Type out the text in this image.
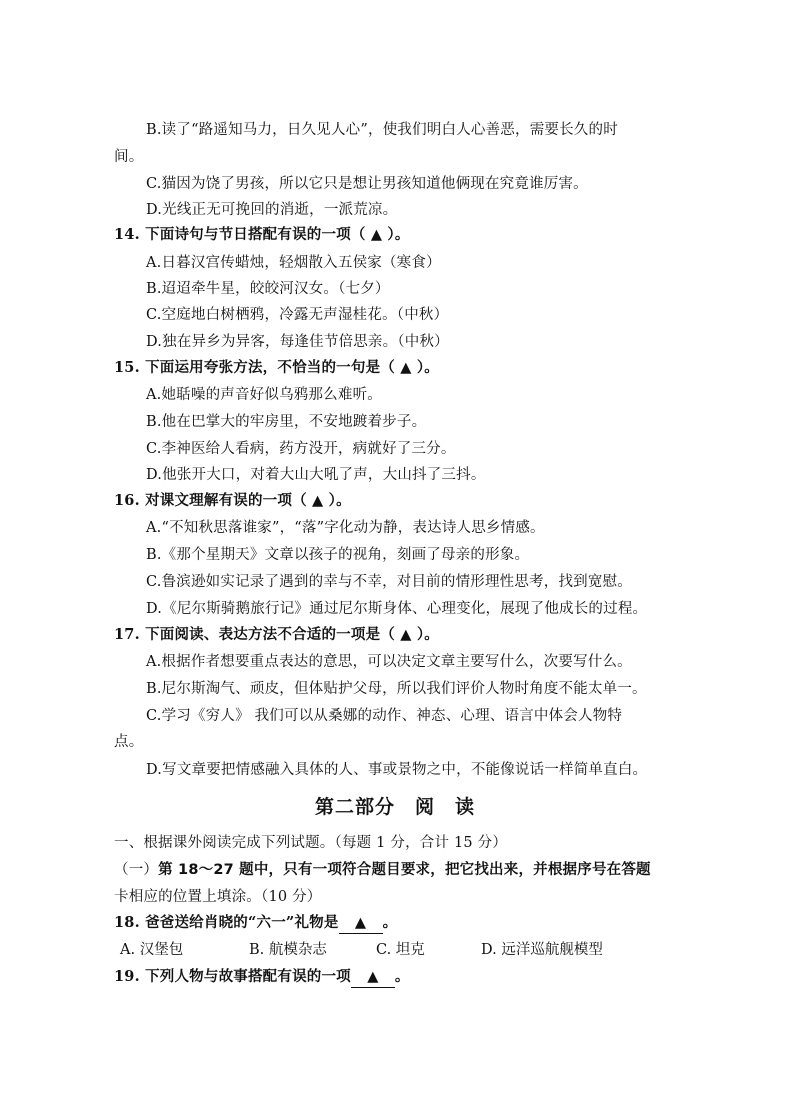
B.读了“路遥知马力，日久见人心”，使我们明白人心善恶，需要长久的时
间。
C.猫因为饶了男孩，所以它只是想让男孩知道他俩现在究竟谁厉害。
D.光线正无可挽回的消逝，一派荒凉。
14. 下面诗句与节日搭配有误的一项（ ▲ ）。
A.日暮汉宫传蜡烛，轻烟散入五侯家（寒食）
B.迢迢牵牛星，皎皎河汉女。（七夕）
C.空庭地白树栖鸦，冷露无声湿桂花。（中秋）
D.独在异乡为异客，每逢佳节倍思亲。（中秋）
15. 下面运用夸张方法，不恰当的一句是（ ▲ ）。
A.她聒噪的声音好似乌鸦那么难听。
B.他在巴掌大的牢房里，不安地踱着步子。
C.李神医给人看病，药方没开，病就好了三分。
D.他张开大口，对着大山大吼了声，大山抖了三抖。
16. 对课文理解有误的一项（ ▲ ）。
A.“不知秋思落谁家”，“落”字化动为静，表达诗人思乡情感。
B.《那个星期天》文章以孩子的视角，刻画了母亲的形象。
C.鲁滨逊如实记录了遇到的幸与不幸，对目前的情形理性思考，找到宽慰。
D.《尼尔斯骑鹅旅行记》通过尼尔斯身体、心理变化，展现了他成长的过程。
17. 下面阅读、表达方法不合适的一项是（ ▲ ）。
A.根据作者想要重点表达的意思，可以决定文章主要写什么，次要写什么。
B.尼尔斯淘气、顽皮，但体贴护父母，所以我们评价人物时角度不能太单一。
C.学习《穷人》 我们可以从桑娜的动作、神态、心理、语言中体会人物特
点。
D.写文章要把情感融入具体的人、事或景物之中，不能像说话一样简单直白。
第二部分　阅　读
一、根据课外阅读完成下列试题。（每题 1 分，合计 15 分）
（一）第 18～27 题中，只有一项符合题目要求，把它找出来，并根据序号在答题
卡相应的位置上填涂。（10 分）
18. 爸爸送给肖晓的“六一”礼物是 ▲ 。
A. 汉堡包	B. 航模杂志	C. 坦克	D. 远洋巡航舰模型
19. 下列人物与故事搭配有误的一项 ▲ 。
